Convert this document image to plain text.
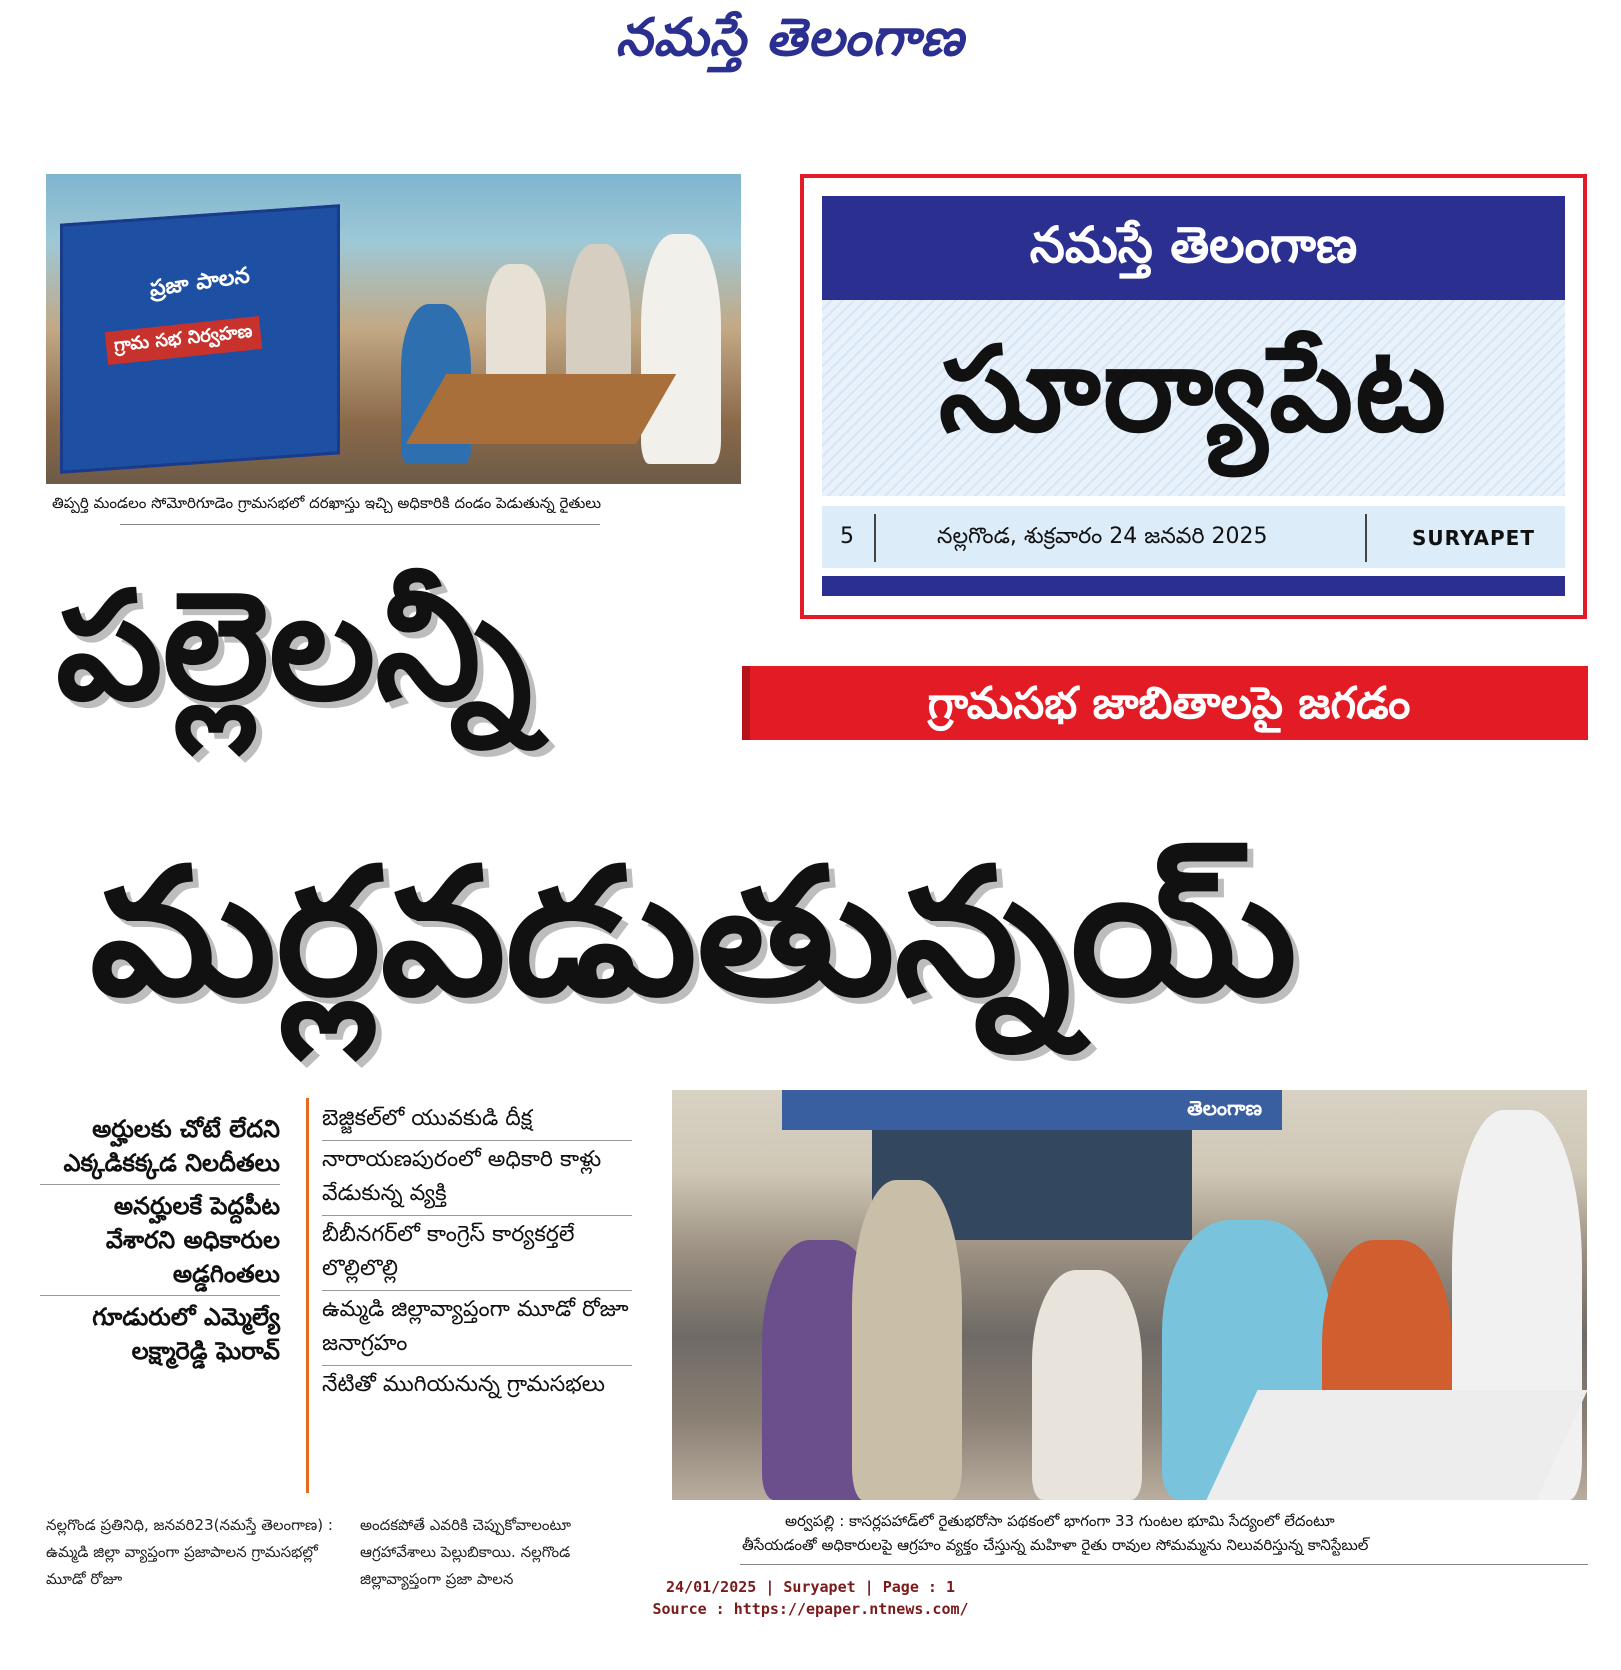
నమస్తే తెలంగాణ
ప్రజా పాలన
గ్రామ సభ నిర్వహణ
తిప్పర్తి మండలం సోమోరిగూడెం గ్రామసభలో దరఖాస్తు ఇచ్చి అధికారికి దండం పెడుతున్న రైతులు
నమస్తే తెలంగాణ
సూర్యాపేట
5	నల్లగొండ, శుక్రవారం 24 జనవరి 2025	SURYAPET
గ్రామసభ జాబితాలపై జగడం
పల్లెలన్నీ
మర్లవడుతున్నయ్
అర్హులకు చోటే లేదని ఎక్కడికక్కడ నిలదీతలు
అనర్హులకే పెద్దపీట వేశారని అధికారుల అడ్డగింతలు
గూడురులో ఎమ్మెల్యే లక్ష్మారెడ్డి ఘెరావ్
బెజ్జికల్‌లో యువకుడి దీక్ష
నారాయణపురంలో అధికారి కాళ్లు వేడుకున్న వ్యక్తి
బీబీనగర్‌లో కాంగ్రెస్ కార్యకర్తలే లొల్లిలొల్లి
ఉమ్మడి జిల్లావ్యాప్తంగా మూడో రోజూ జనాగ్రహం
నేటితో ముగియనున్న గ్రామసభలు
నల్లగొండ ప్రతినిధి, జనవరి23(నమస్తే తెలంగాణ) : ఉమ్మడి జిల్లా వ్యాప్తంగా ప్రజాపాలన గ్రామసభల్లో మూడో రోజూ
అందకపోతే ఎవరికి చెప్పుకోవాలంటూ ఆగ్రహావేశాలు పెల్లుబికాయి. నల్లగొండ జిల్లావ్యాప్తంగా ప్రజా పాలన
తెలంగాణ
అర్వపల్లి : కాసర్లపహాడ్‌లో రైతుభరోసా పథకంలో భాగంగా 33 గుంటల భూమి సేద్యంలో లేదంటూ
తీసేయడంతో అధికారులపై ఆగ్రహం వ్యక్తం చేస్తున్న మహిళా రైతు రావుల సోమమ్మను నిలువరిస్తున్న కానిస్టేబుల్
24/01/2025 | Suryapet | Page : 1
Source : https://epaper.ntnews.com/
